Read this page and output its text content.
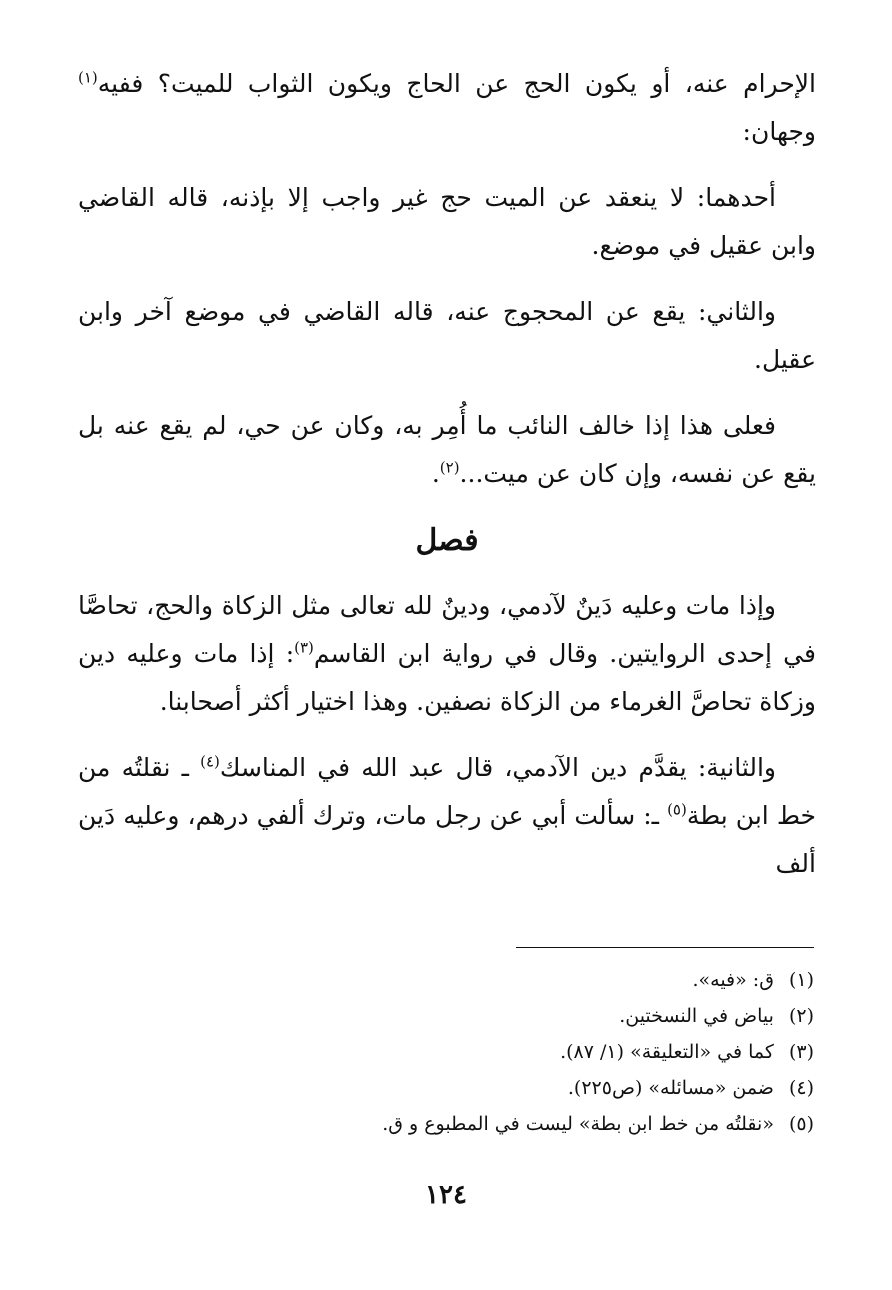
الإحرام عنه، أو يكون الحج عن الحاج ويكون الثواب للميت؟ ففيه$^{(١)}$ وجهان:

أحدهما: لا ينعقد عن الميت حج غير واجب إلا بإذنه، قاله القاضي وابن عقيل في موضع.

والثاني: يقع عن المحجوج عنه، قاله القاضي في موضع آخر وابن عقيل.

فعلى هذا إذا خالف النائب ما أُمِر به، وكان عن حي، لم يقع عنه بل يقع عن نفسه، وإن كان عن ميت...$^{(٢)}$.

فصل

وإذا مات وعليه دَينٌ لآدمي، ودينٌ لله تعالى مثل الزكاة والحج، تحاصَّا في إحدى الروايتين. وقال في رواية ابن القاسم$^{(٣)}$: إذا مات وعليه دين وزكاة تحاصَّ الغرماء من الزكاة نصفين. وهذا اختيار أكثر أصحابنا.

والثانية: يقدَّم دين الآدمي، قال عبد الله في المناسك$^{(٤)}$ ـ نقلتُه من خط ابن بطة$^{(٥)}$ ـ: سألت أبي عن رجل مات، وترك ألفي درهم، وعليه دَين ألف

(١) ق: «فيه».
(٢) بياض في النسختين.
(٣) كما في «التعليقة» (١/ ٨٧).
(٤) ضمن «مسائله» (ص٢٢٥).
(٥) «نقلتُه من خط ابن بطة» ليست في المطبوع و ق.
١٢٤
